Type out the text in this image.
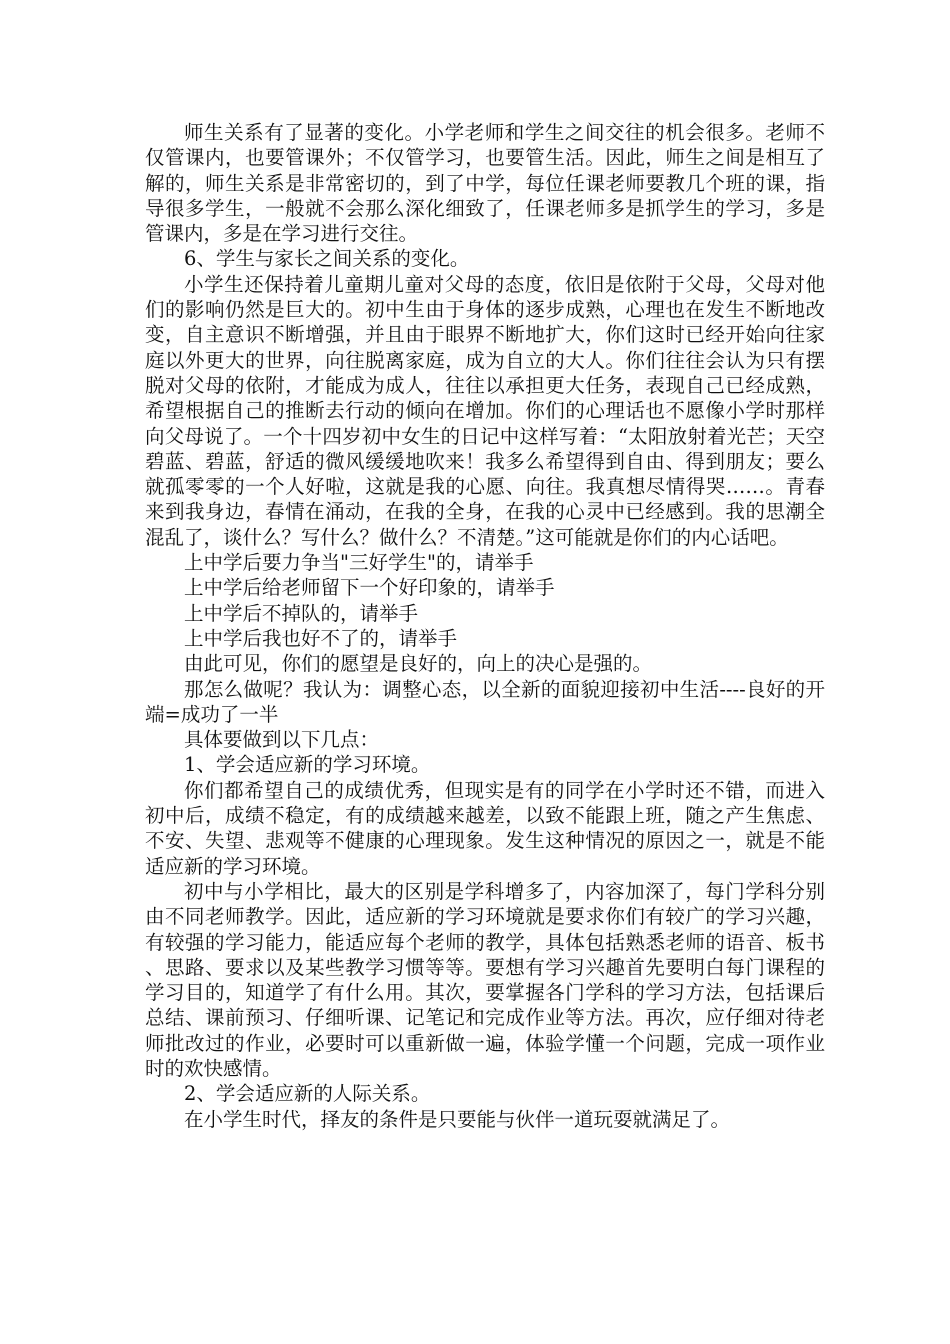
师生关系有了显著的变化。小学老师和学生之间交往的机会很多。老师不仅管课内，也要管课外；不仅管学习，也要管生活。因此，师生之间是相互了解的，师生关系是非常密切的，到了中学，每位任课老师要教几个班的课，指导很多学生，一般就不会那么深化细致了，任课老师多是抓学生的学习，多是管课内，多是在学习进行交往。

6、学生与家长之间关系的变化。

小学生还保持着儿童期儿童对父母的态度，依旧是依附于父母，父母对他们的影响仍然是巨大的。初中生由于身体的逐步成熟，心理也在发生不断地改变，自主意识不断增强，并且由于眼界不断地扩大，你们这时已经开始向往家庭以外更大的世界，向往脱离家庭，成为自立的大人。你们往往会认为只有摆脱对父母的依附，才能成为成人，往往以承担更大任务，表现自己已经成熟，希望根据自己的推断去行动的倾向在增加。你们的心理话也不愿像小学时那样向父母说了。一个十四岁初中女生的日记中这样写着：“太阳放射着光芒；天空碧蓝、碧蓝，舒适的微风缓缓地吹来！我多么希望得到自由、得到朋友；要么就孤零零的一个人好啦，这就是我的心愿、向往。我真想尽情得哭……。青春来到我身边，春情在涌动，在我的全身，在我的心灵中已经感到。我的思潮全混乱了，谈什么？写什么？做什么？不清楚。”这可能就是你们的内心话吧。

上中学后要力争当"三好学生"的，请举手

上中学后给老师留下一个好印象的，请举手

上中学后不掉队的，请举手

上中学后我也好不了的，请举手

由此可见，你们的愿望是良好的，向上的决心是强的。

那怎么做呢？我认为：调整心态，以全新的面貌迎接初中生活----良好的开端=成功了一半

具体要做到以下几点：

1、学会适应新的学习环境。

你们都希望自己的成绩优秀，但现实是有的同学在小学时还不错，而进入初中后，成绩不稳定，有的成绩越来越差，以致不能跟上班，随之产生焦虑、不安、失望、悲观等不健康的心理现象。发生这种情况的原因之一，就是不能适应新的学习环境。

初中与小学相比，最大的区别是学科增多了，内容加深了，每门学科分别由不同老师教学。因此，适应新的学习环境就是要求你们有较广的学习兴趣，有较强的学习能力，能适应每个老师的教学，具体包括熟悉老师的语音、板书、思路、要求以及某些教学习惯等等。要想有学习兴趣首先要明白每门课程的学习目的，知道学了有什么用。其次，要掌握各门学科的学习方法，包括课后总结、课前预习、仔细听课、记笔记和完成作业等方法。再次，应仔细对待老师批改过的作业，必要时可以重新做一遍，体验学懂一个问题，完成一项作业时的欢快感情。

2、学会适应新的人际关系。

在小学生时代，择友的条件是只要能与伙伴一道玩耍就满足了。
